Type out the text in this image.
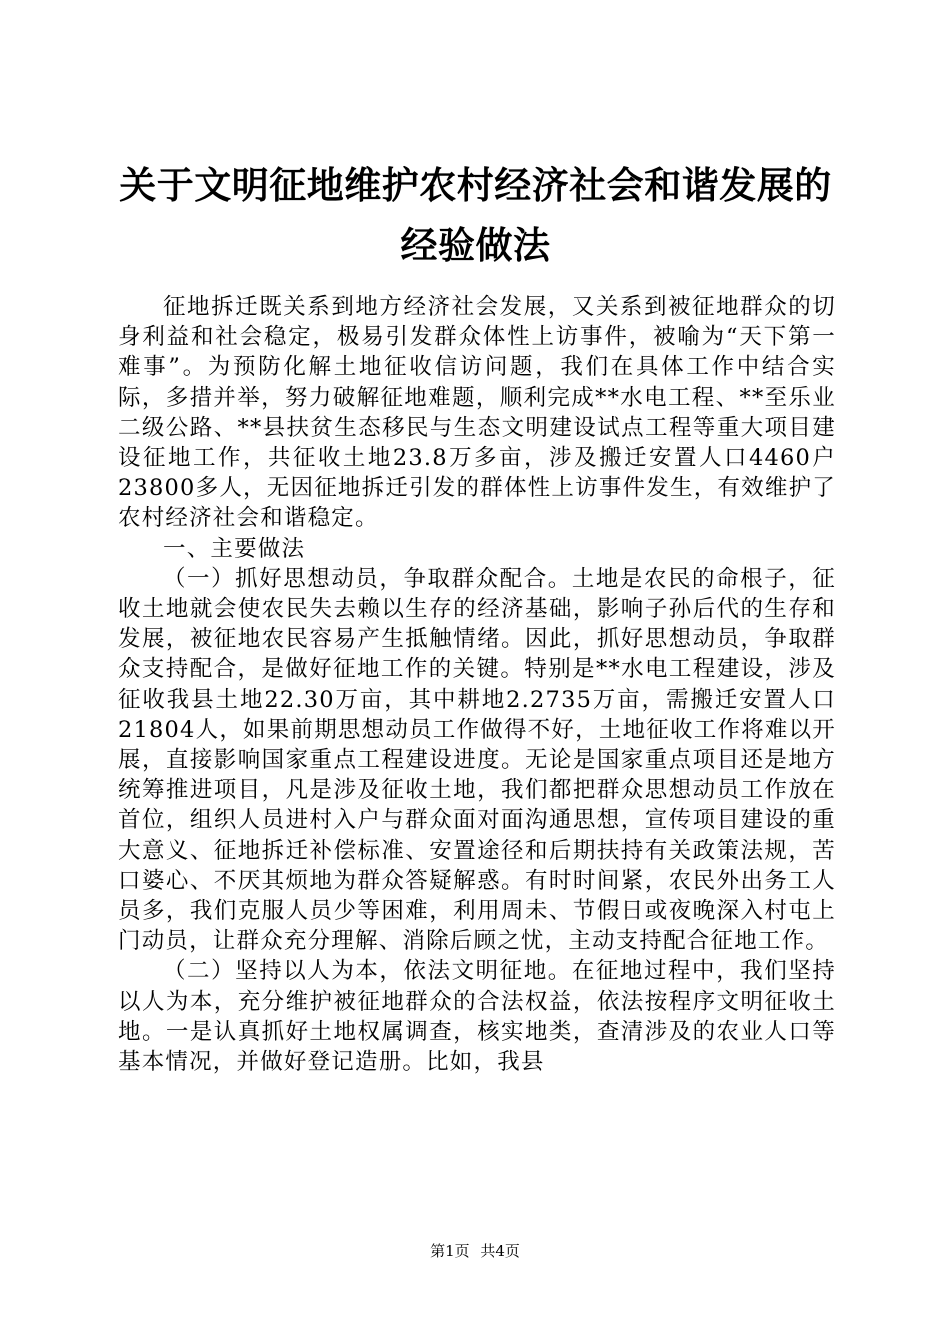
关于文明征地维护农村经济社会和谐发展的经验做法

征地拆迁既关系到地方经济社会发展，又关系到被征地群众的切身利益和社会稳定，极易引发群众体性上访事件，被喻为“天下第一难事”。为预防化解土地征收信访问题，我们在具体工作中结合实际，多措并举，努力破解征地难题，顺利完成**水电工程、**至乐业二级公路、**县扶贫生态移民与生态文明建设试点工程等重大项目建设征地工作，共征收土地23.8万多亩，涉及搬迁安置人口4460户23800多人，无因征地拆迁引发的群体性上访事件发生，有效维护了农村经济社会和谐稳定。

一、主要做法

（一）抓好思想动员，争取群众配合。土地是农民的命根子，征收土地就会使农民失去赖以生存的经济基础，影响子孙后代的生存和发展，被征地农民容易产生抵触情绪。因此，抓好思想动员，争取群众支持配合，是做好征地工作的关键。特别是**水电工程建设，涉及征收我县土地22.30万亩，其中耕地2.2735万亩，需搬迁安置人口21804人，如果前期思想动员工作做得不好，土地征收工作将难以开展，直接影响国家重点工程建设进度。无论是国家重点项目还是地方统筹推进项目，凡是涉及征收土地，我们都把群众思想动员工作放在首位，组织人员进村入户与群众面对面沟通思想，宣传项目建设的重大意义、征地拆迁补偿标准、安置途径和后期扶持有关政策法规，苦口婆心、不厌其烦地为群众答疑解惑。有时时间紧，农民外出务工人员多，我们克服人员少等困难，利用周未、节假日或夜晚深入村屯上门动员，让群众充分理解、消除后顾之忧，主动支持配合征地工作。

（二）坚持以人为本，依法文明征地。在征地过程中，我们坚持以人为本，充分维护被征地群众的合法权益，依法按程序文明征收土地。一是认真抓好土地权属调查，核实地类，查清涉及的农业人口等基本情况，并做好登记造册。比如，我县

第1页 共4页
